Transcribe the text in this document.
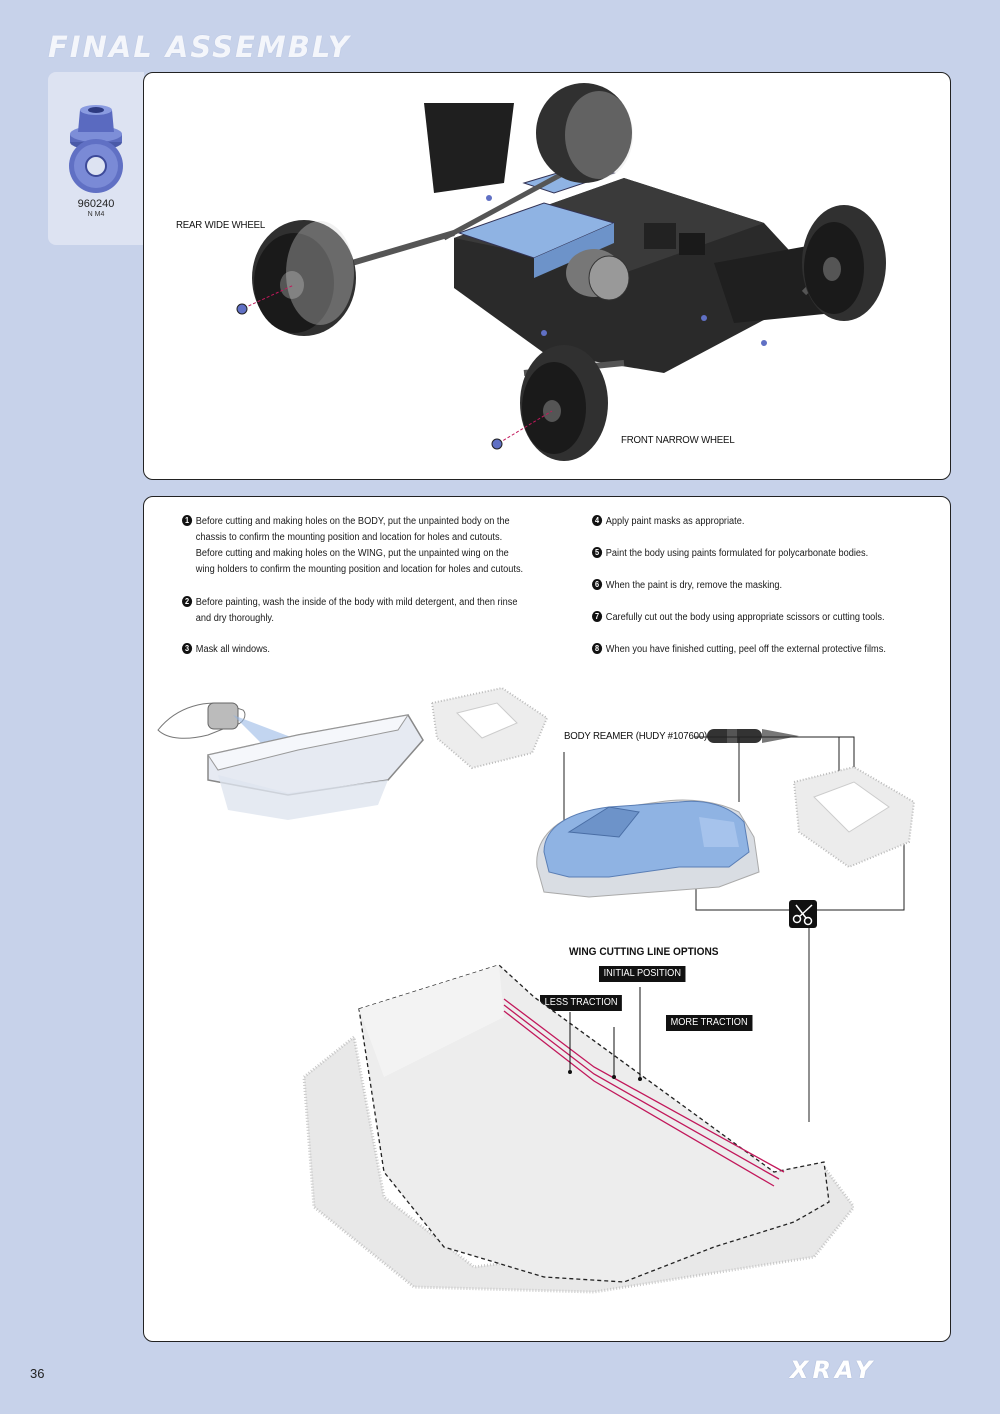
FINAL ASSEMBLY
960240
N M4
REAR WIDE WHEEL
FRONT NARROW WHEEL
1 Before cutting and making holes on the BODY, put the unpainted body on the
chassis to confirm the mounting position and location for holes and cutouts.
Before cutting and making holes on the WING, put the unpainted wing on the
wing holders to confirm the mounting position and location for holes and cutouts.
2 Before painting, wash the inside of the body with mild detergent, and then rinse
and dry thoroughly.
3 Mask all windows.
4 Apply paint masks as appropriate.
5 Paint the body using paints formulated for polycarbonate bodies.
6 When the paint is dry, remove the masking.
7 Carefully cut out the body using appropriate scissors or cutting tools.
8 When you have finished cutting, peel off the external protective films.
BODY REAMER (HUDY #107600)
WING CUTTING LINE OPTIONS
INITIAL POSITION
LESS TRACTION
MORE TRACTION
36	XRAY
